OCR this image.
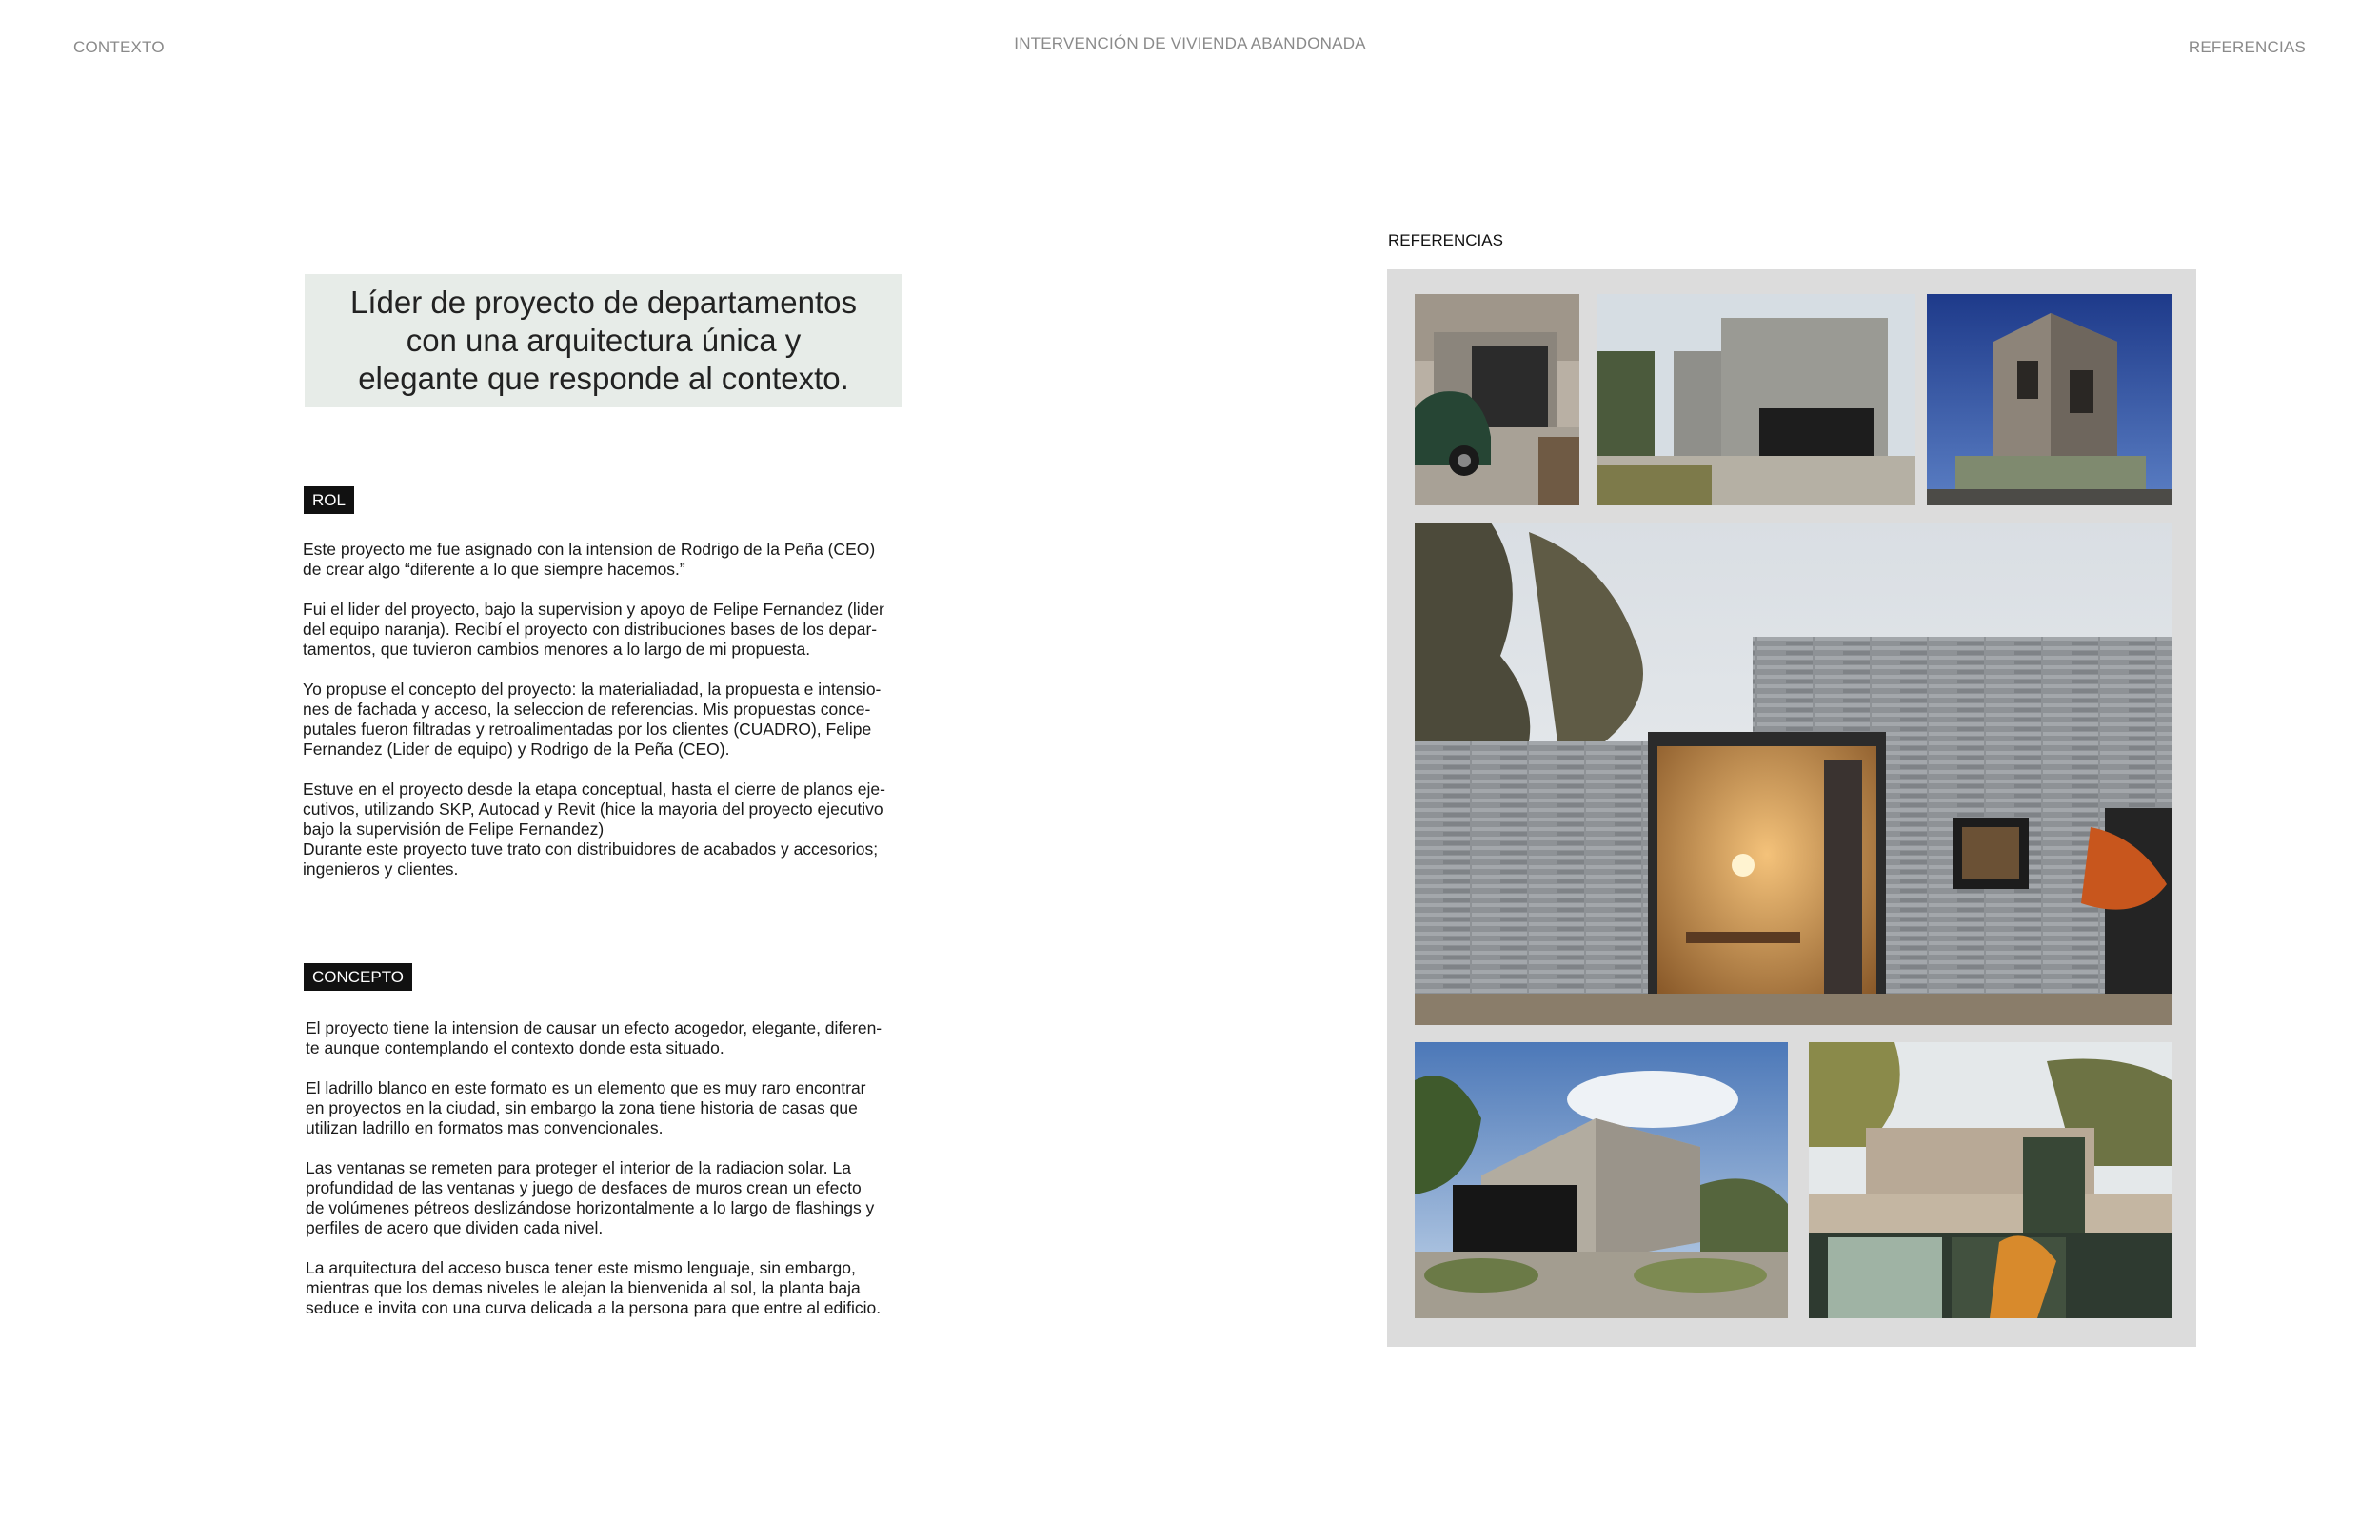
CONTEXTO	INTERVENCIÓN DE VIVIENDA ABANDONADA	REFERENCIAS
Líder de proyecto de departamentos
con una arquitectura única y
elegante que responde al contexto.
ROL

Este proyecto me fue asignado con la intension de Rodrigo de la Peña (CEO)
de crear algo “diferente a lo que siempre hacemos.”

Fui el lider del proyecto, bajo la supervision y apoyo de Felipe Fernandez (lider
del equipo naranja). Recibí el proyecto con distribuciones bases de los depar-
tamentos, que tuvieron cambios menores a lo largo de mi propuesta.

Yo propuse el concepto del proyecto: la materialiadad, la propuesta e intensio-
nes de fachada y acceso, la seleccion de referencias. Mis propuestas conce-
putales fueron filtradas y retroalimentadas por los clientes (CUADRO), Felipe
Fernandez (Lider de equipo) y Rodrigo de la Peña (CEO).

Estuve en el proyecto desde la etapa conceptual, hasta el cierre de planos eje-
cutivos, utilizando SKP, Autocad y Revit (hice la mayoria del proyecto ejecutivo
bajo la supervisión de Felipe Fernandez)
Durante este proyecto tuve trato con distribuidores de acabados y accesorios;
ingenieros y clientes.

CONCEPTO

El proyecto tiene la intension de causar un efecto acogedor, elegante, diferen-
te aunque contemplando el contexto donde esta situado.

El ladrillo blanco en este formato es un elemento que es muy raro encontrar
en proyectos en la ciudad, sin embargo la zona tiene historia de casas que
utilizan ladrillo en formatos mas convencionales.

Las ventanas se remeten para proteger el interior de la radiacion solar. La
profundidad de las ventanas y juego de desfaces de muros crean un efecto
de volúmenes pétreos deslizándose horizontalmente a lo largo de flashings y
perfiles de acero que dividen cada nivel.

La arquitectura del acceso busca tener este mismo lenguaje, sin embargo,
mientras que los demas niveles le alejan la bienvenida al sol, la planta baja
seduce e invita con una curva delicada a la persona para que entre al edificio.

REFERENCIAS
